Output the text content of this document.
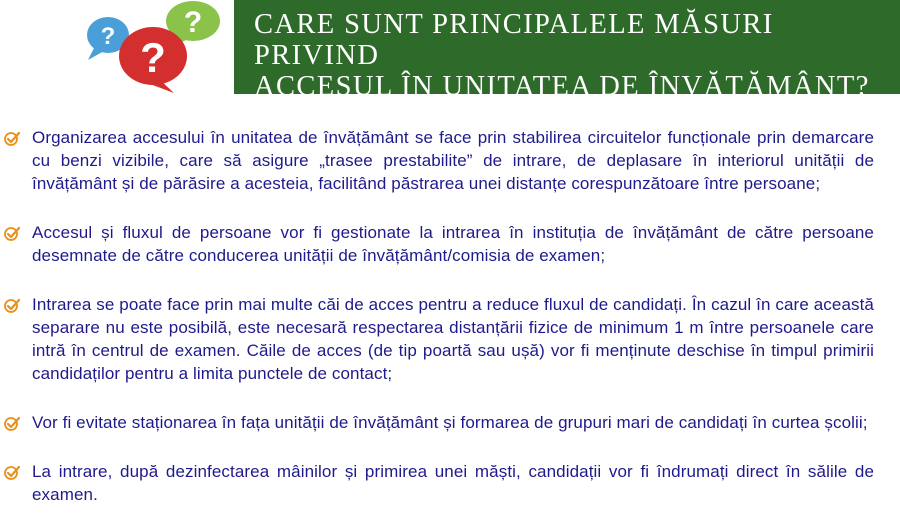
? ?
?
CARE SUNT PRINCIPALELE MĂSURI PRIVIND
ACCESUL ÎN UNITATEA DE ÎNVĂȚĂMÂNT?
Organizarea accesului în unitatea de învățământ se face prin stabilirea circuitelor funcționale prin demarcare cu benzi vizibile, care să asigure „trasee prestabilite” de intrare, de deplasare în interiorul unității de învățământ și de părăsire a acesteia, facilitând păstrarea unei distanțe corespunzătoare între persoane;
Accesul și fluxul de persoane vor fi gestionate la intrarea în instituția de învățământ de către persoane desemnate de către conducerea unității de învățământ/comisia de examen;
Intrarea se poate face prin mai multe căi de acces pentru a reduce fluxul de candidați. În cazul în care această separare nu este posibilă, este necesară respectarea distanțării fizice de minimum 1 m între persoanele care intră în centrul de examen. Căile de acces (de tip poartă sau ușă) vor fi menținute deschise în timpul primirii candidaților pentru a limita punctele de contact;
Vor fi evitate staționarea în fața unității de învățământ și formarea de grupuri mari de candidați în curtea școlii;
La intrare, după dezinfectarea mâinilor și primirea unei măști, candidații vor fi îndrumați direct în sălile de examen.
